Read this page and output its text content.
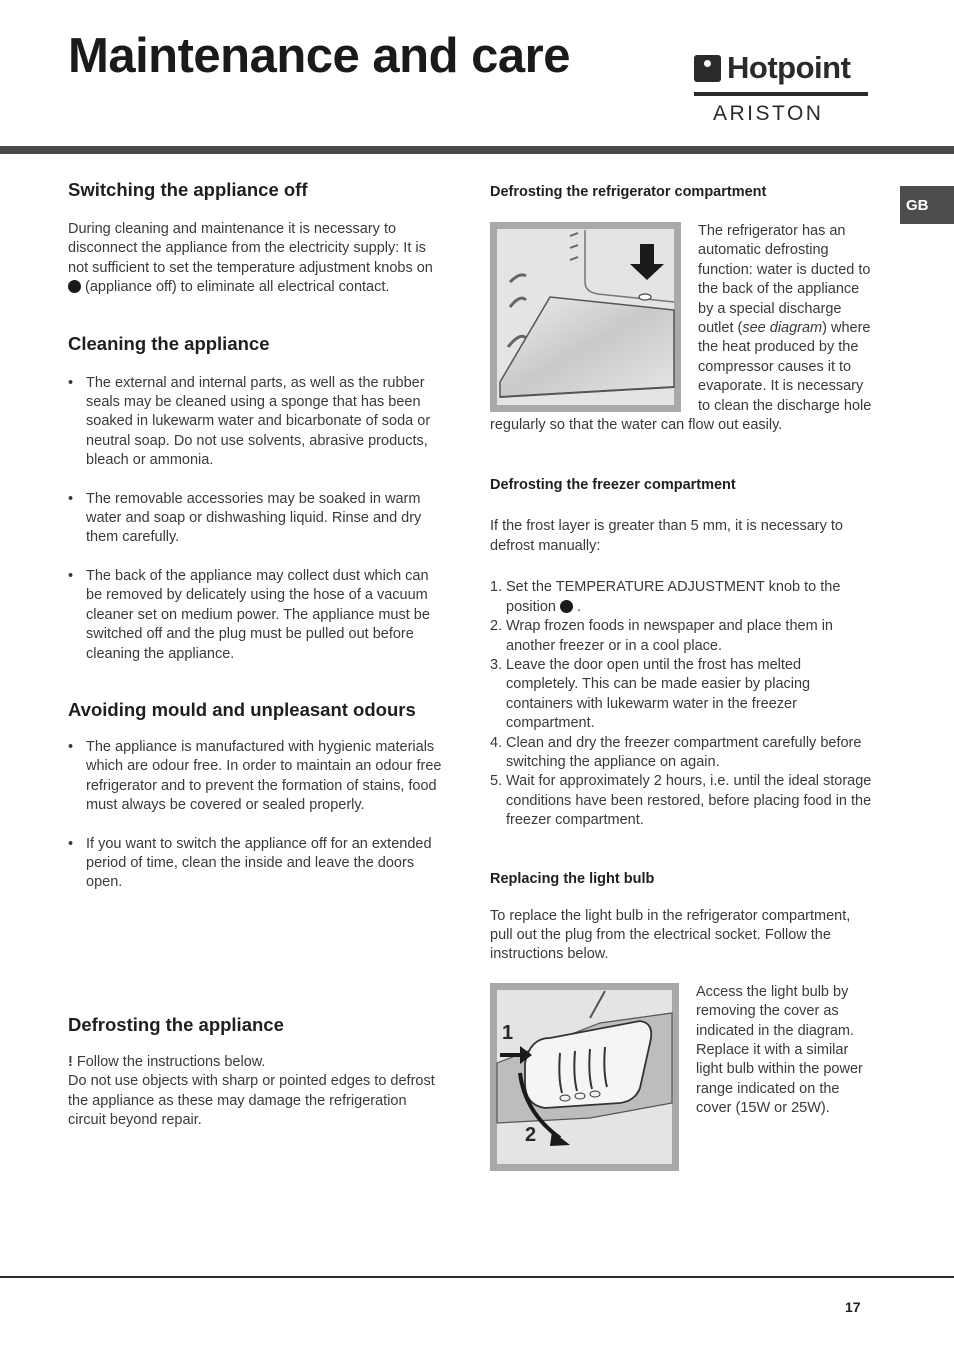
Maintenance and care	Hotpoint
ARISTON
GB
Switching the appliance off

During cleaning and maintenance it is necessary to disconnect the appliance from the electricity supply: It is not sufficient to set the temperature adjustment knobs on  (appliance off) to eliminate all electrical contact.

Cleaning the appliance
• The external and internal parts, as well as the rubber seals may be cleaned using a sponge that has been soaked in lukewarm water and bicarbonate of soda or neutral soap. Do not use solvents, abrasive products, bleach or ammonia.
• The removable accessories may be soaked in warm water and soap or dishwashing liquid. Rinse and dry them carefully.
• The back of the appliance may collect dust which can be removed by delicately using the hose of a vacuum cleaner set on medium power. The appliance must be switched off and the plug must be pulled out before cleaning the appliance.
Avoiding mould and unpleasant odours
• The appliance is manufactured with hygienic materials which are odour free. In order to maintain an odour free refrigerator and to prevent the formation of stains, food must always be covered or sealed properly.
• If you want to switch the appliance off for an extended period of time, clean the inside and leave the doors open.
Defrosting the appliance

! Follow the instructions below.

Do not use objects with sharp or pointed edges to defrost the appliance as these may damage the refrigeration circuit beyond repair.

Defrosting the refrigerator compartment

The refrigerator has an automatic defrosting function: water is ducted to the back of the appliance by a special discharge outlet (see diagram) where the heat produced by the compressor causes it to evaporate. It is necessary to clean the discharge hole regularly so that the water can flow out easily.

Defrosting the freezer compartment

If the frost layer is greater than 5 mm, it is necessary to defrost manually:

1. Set the TEMPERATURE ADJUSTMENT knob to the position  .
2. Wrap frozen foods in newspaper and place them in another freezer or in a cool place.
3. Leave the door open until the frost has melted completely. This can be made easier by placing containers with lukewarm water in the freezer compartment.
4. Clean and dry the freezer compartment carefully before switching the appliance on again.
5. Wait for approximately 2 hours, i.e. until the ideal storage conditions have been restored, before placing food in the freezer compartment.
Replacing the light bulb

To replace the light bulb in the refrigerator compartment, pull out the plug from the electrical socket. Follow the instructions below.

1
2

Access the light bulb by removing the cover as indicated in the diagram. Replace it with a similar light bulb within the power range indicated on the cover (15W or 25W).

17
